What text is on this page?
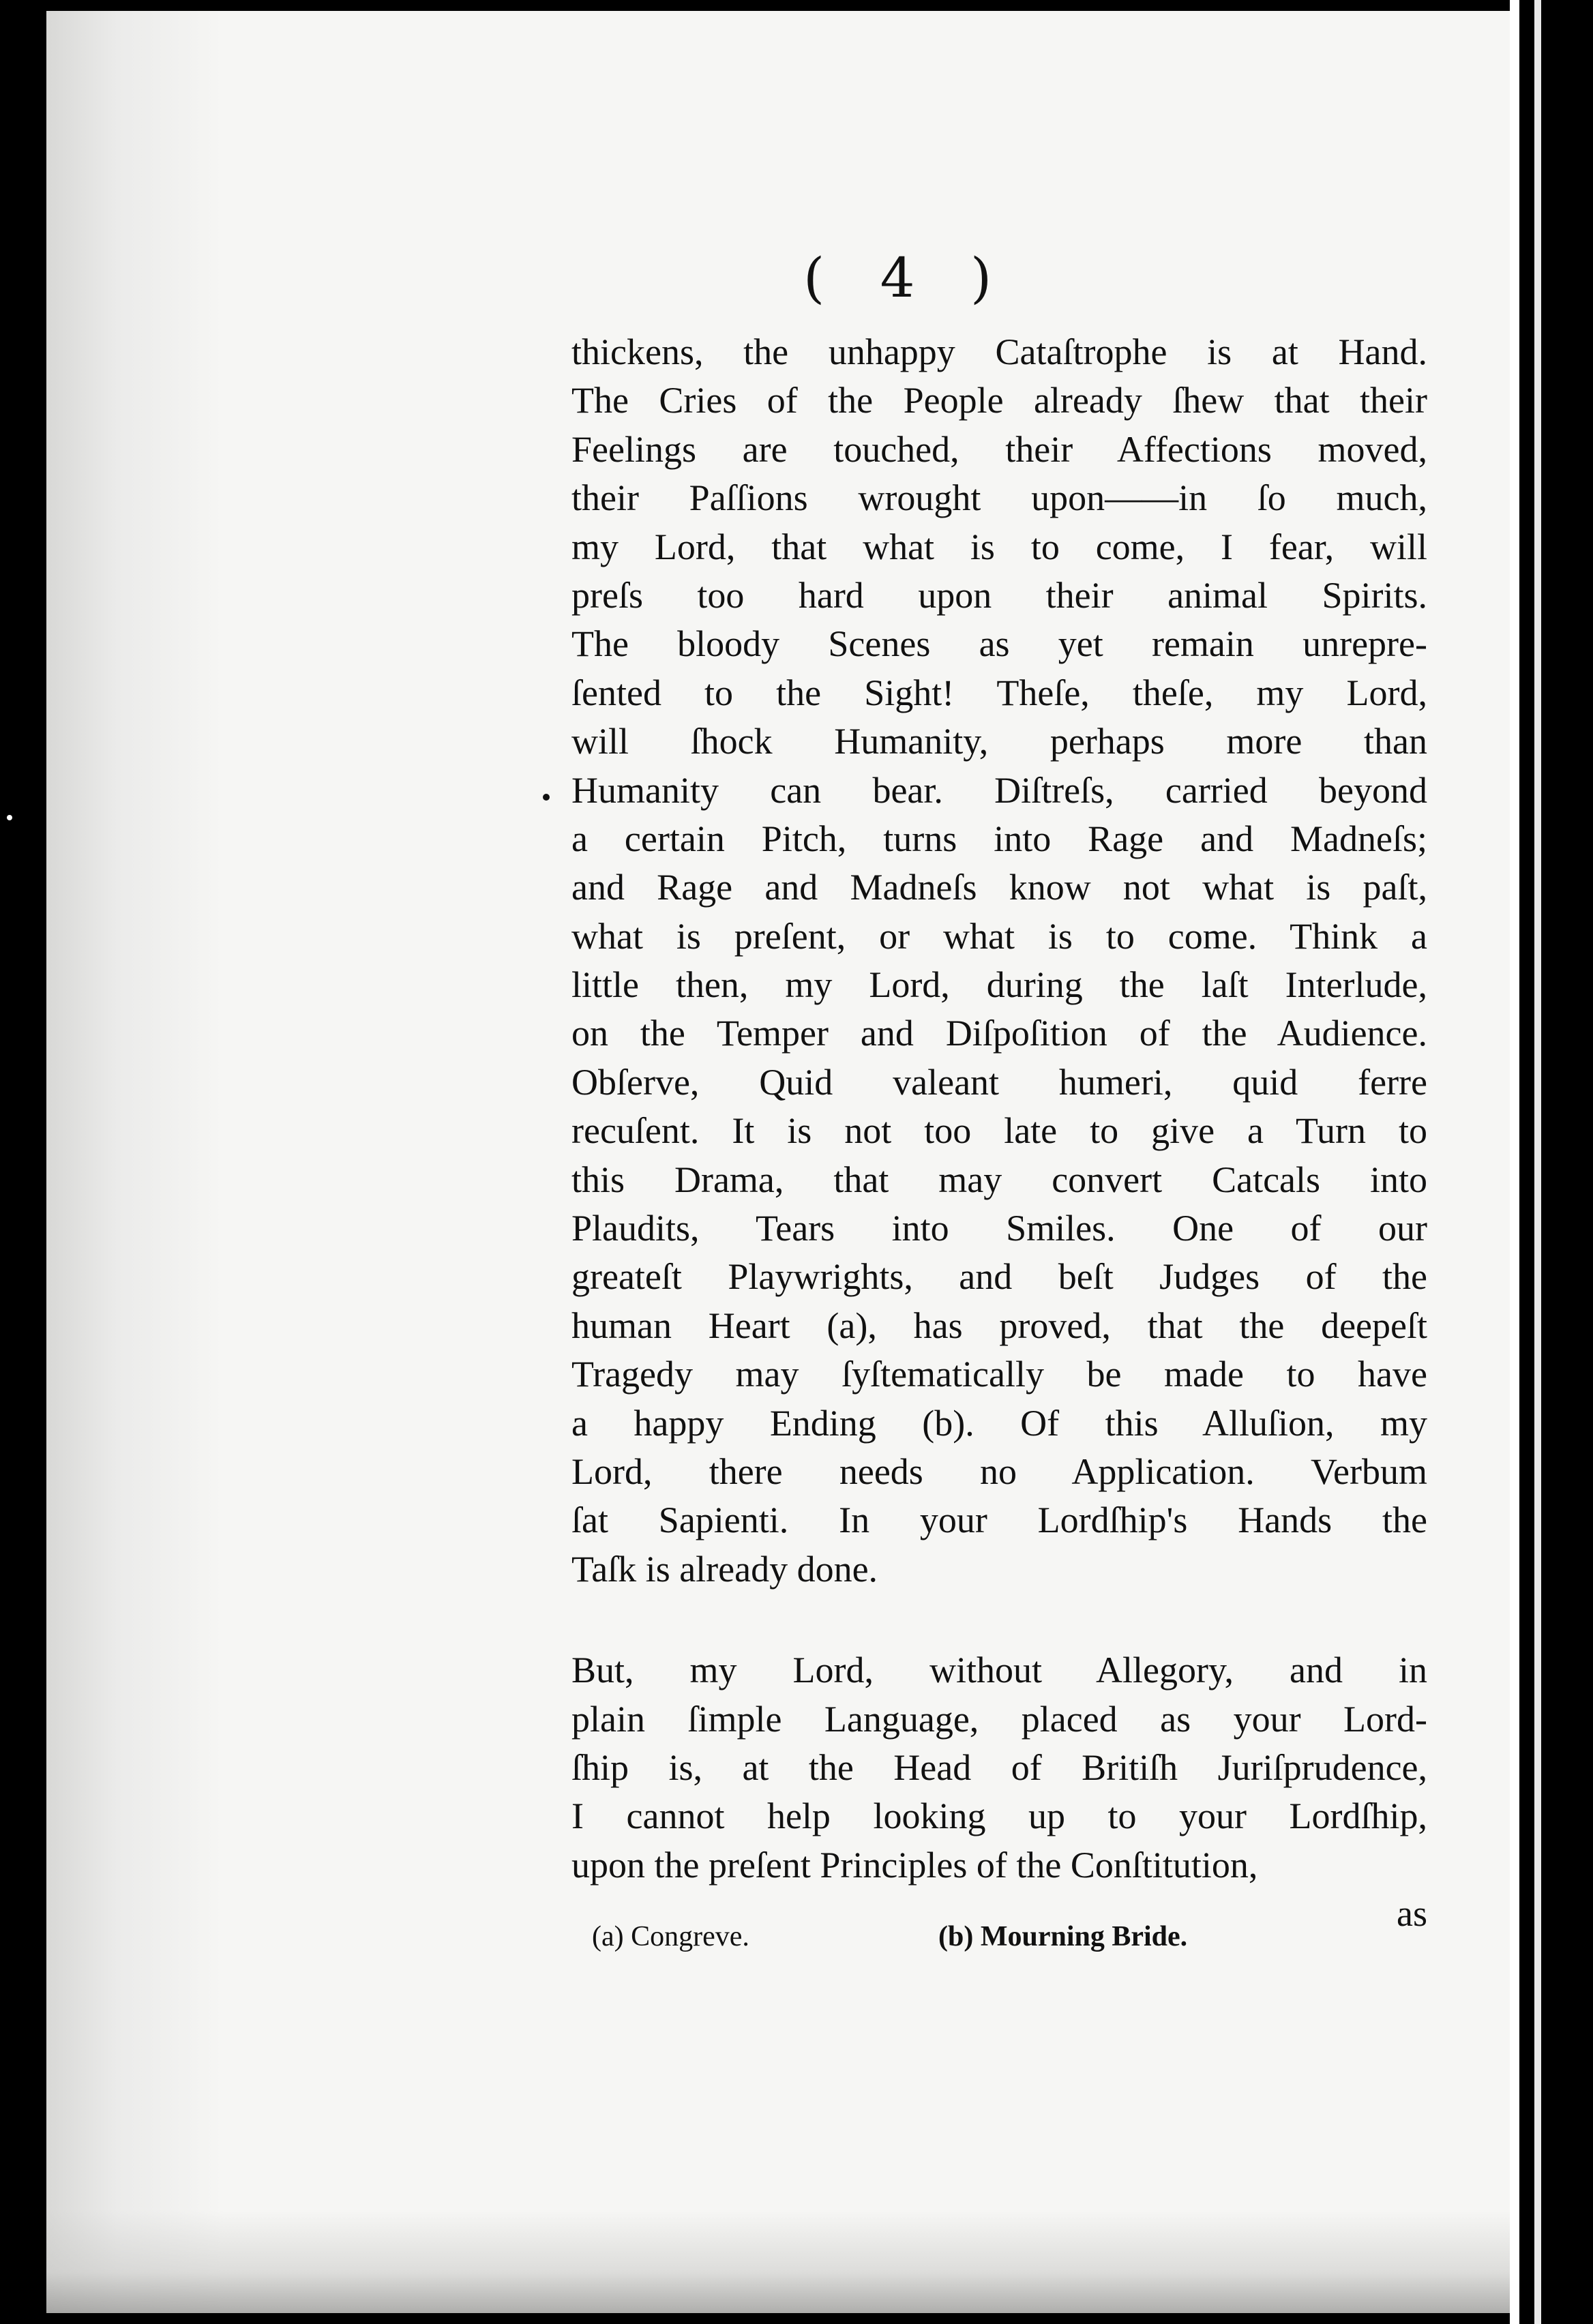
( 4 )
thickens, the unhappy Cataſtrophe is at Hand.
The Cries of the People already ſhew that their
Feelings are touched, their Affections moved,
their Paſſions wrought upon——in ſo much,
my Lord, that what is to come, I fear, will
preſs too hard upon their animal Spirits.
The bloody Scenes as yet remain unrepre-
ſented to the Sight! Theſe, theſe, my Lord,
will ſhock Humanity, perhaps more than
Humanity can bear. Diſtreſs, carried beyond
a certain Pitch, turns into Rage and Madneſs;
and Rage and Madneſs know not what is paſt,
what is preſent, or what is to come. Think a
little then, my Lord, during the laſt Interlude,
on the Temper and Diſpoſition of the Audience.
Obſerve, Quid valeant humeri, quid ferre
recuſent. It is not too late to give a Turn to
this Drama, that may convert Catcals into
Plaudits, Tears into Smiles. One of our
greateſt Playwrights, and beſt Judges of the
human Heart (a), has proved, that the deepeſt
Tragedy may ſyſtematically be made to have
a happy Ending (b). Of this Alluſion, my
Lord, there needs no Application. Verbum
ſat Sapienti. In your Lordſhip's Hands the
Taſk is already done.
But, my Lord, without Allegory, and in
plain ſimple Language, placed as your Lord-
ſhip is, at the Head of Britiſh Juriſprudence,
I cannot help looking up to your Lordſhip,
upon the preſent Principles of the Conſtitution,
as
(a) Congreve.	(b) Mourning Bride.
